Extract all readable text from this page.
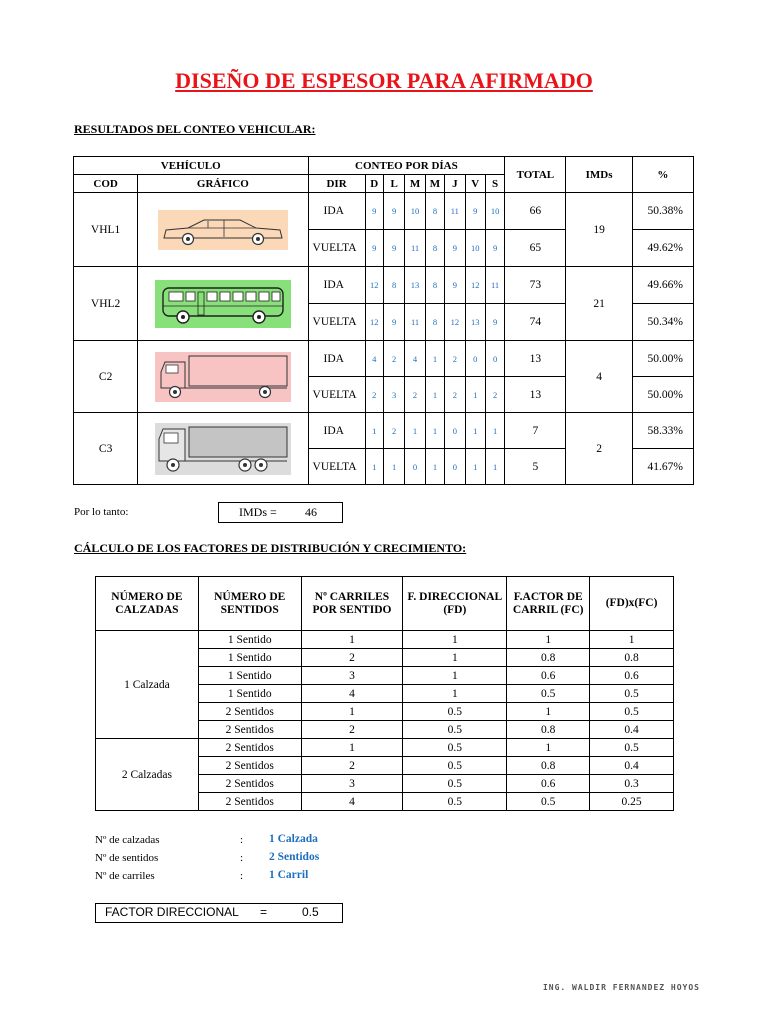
DISEÑO DE ESPESOR PARA AFIRMADO
RESULTADOS DEL CONTEO VEHICULAR:
VEHÍCULO		CONTEO POR DÍAS								TOTAL	IMDs	%
COD	GRÁFICO	DIR	D	L	M	M	J	V	S			
VHL1		IDA	9	9	10	8	11	9	10	66	19	50.38%
		VUELTA	9	9	11	8	9	10	9	65		49.62%
VHL2		IDA	12	8	13	8	9	12	11	73	21	49.66%
		VUELTA	12	9	11	8	12	13	9	74		50.34%
C2		IDA	4	2	4	1	2	0	0	13	4	50.00%
		VUELTA	2	3	2	1	2	1	2	13		50.00%
C3		IDA	1	2	1	1	0	1	1	7	2	58.33%
		VUELTA	1	1	0	1	0	1	1	5		41.67%
Por lo tanto:	IMDs = 46
CÁLCULO DE LOS FACTORES DE DISTRIBUCIÓN Y CRECIMIENTO:
NÚMERO DE CALZADAS	NÚMERO DE SENTIDOS	Nº CARRILES POR SENTIDO	F. DIRECCIONAL (FD)	F.ACTOR DE CARRIL (FC)	(FD)x(FC)
1 Calzada	1 Sentido	1	1	1	1
	1 Sentido	2	1	0.8	0.8
	1 Sentido	3	1	0.6	0.6
	1 Sentido	4	1	0.5	0.5
	2 Sentidos	1	0.5	1	0.5
	2 Sentidos	2	0.5	0.8	0.4
2 Calzadas	2 Sentidos	1	0.5	1	0.5
	2 Sentidos	2	0.5	0.8	0.4
	2 Sentidos	3	0.5	0.6	0.3
	2 Sentidos	4	0.5	0.5	0.25
Nº de calzadas	: 1 Calzada
Nº de sentidos	: 2 Sentidos
Nº de carriles	: 1 Carril
FACTOR DIRECCIONAL =	0.5
ING. WALDIR FERNANDEZ HOYOS
